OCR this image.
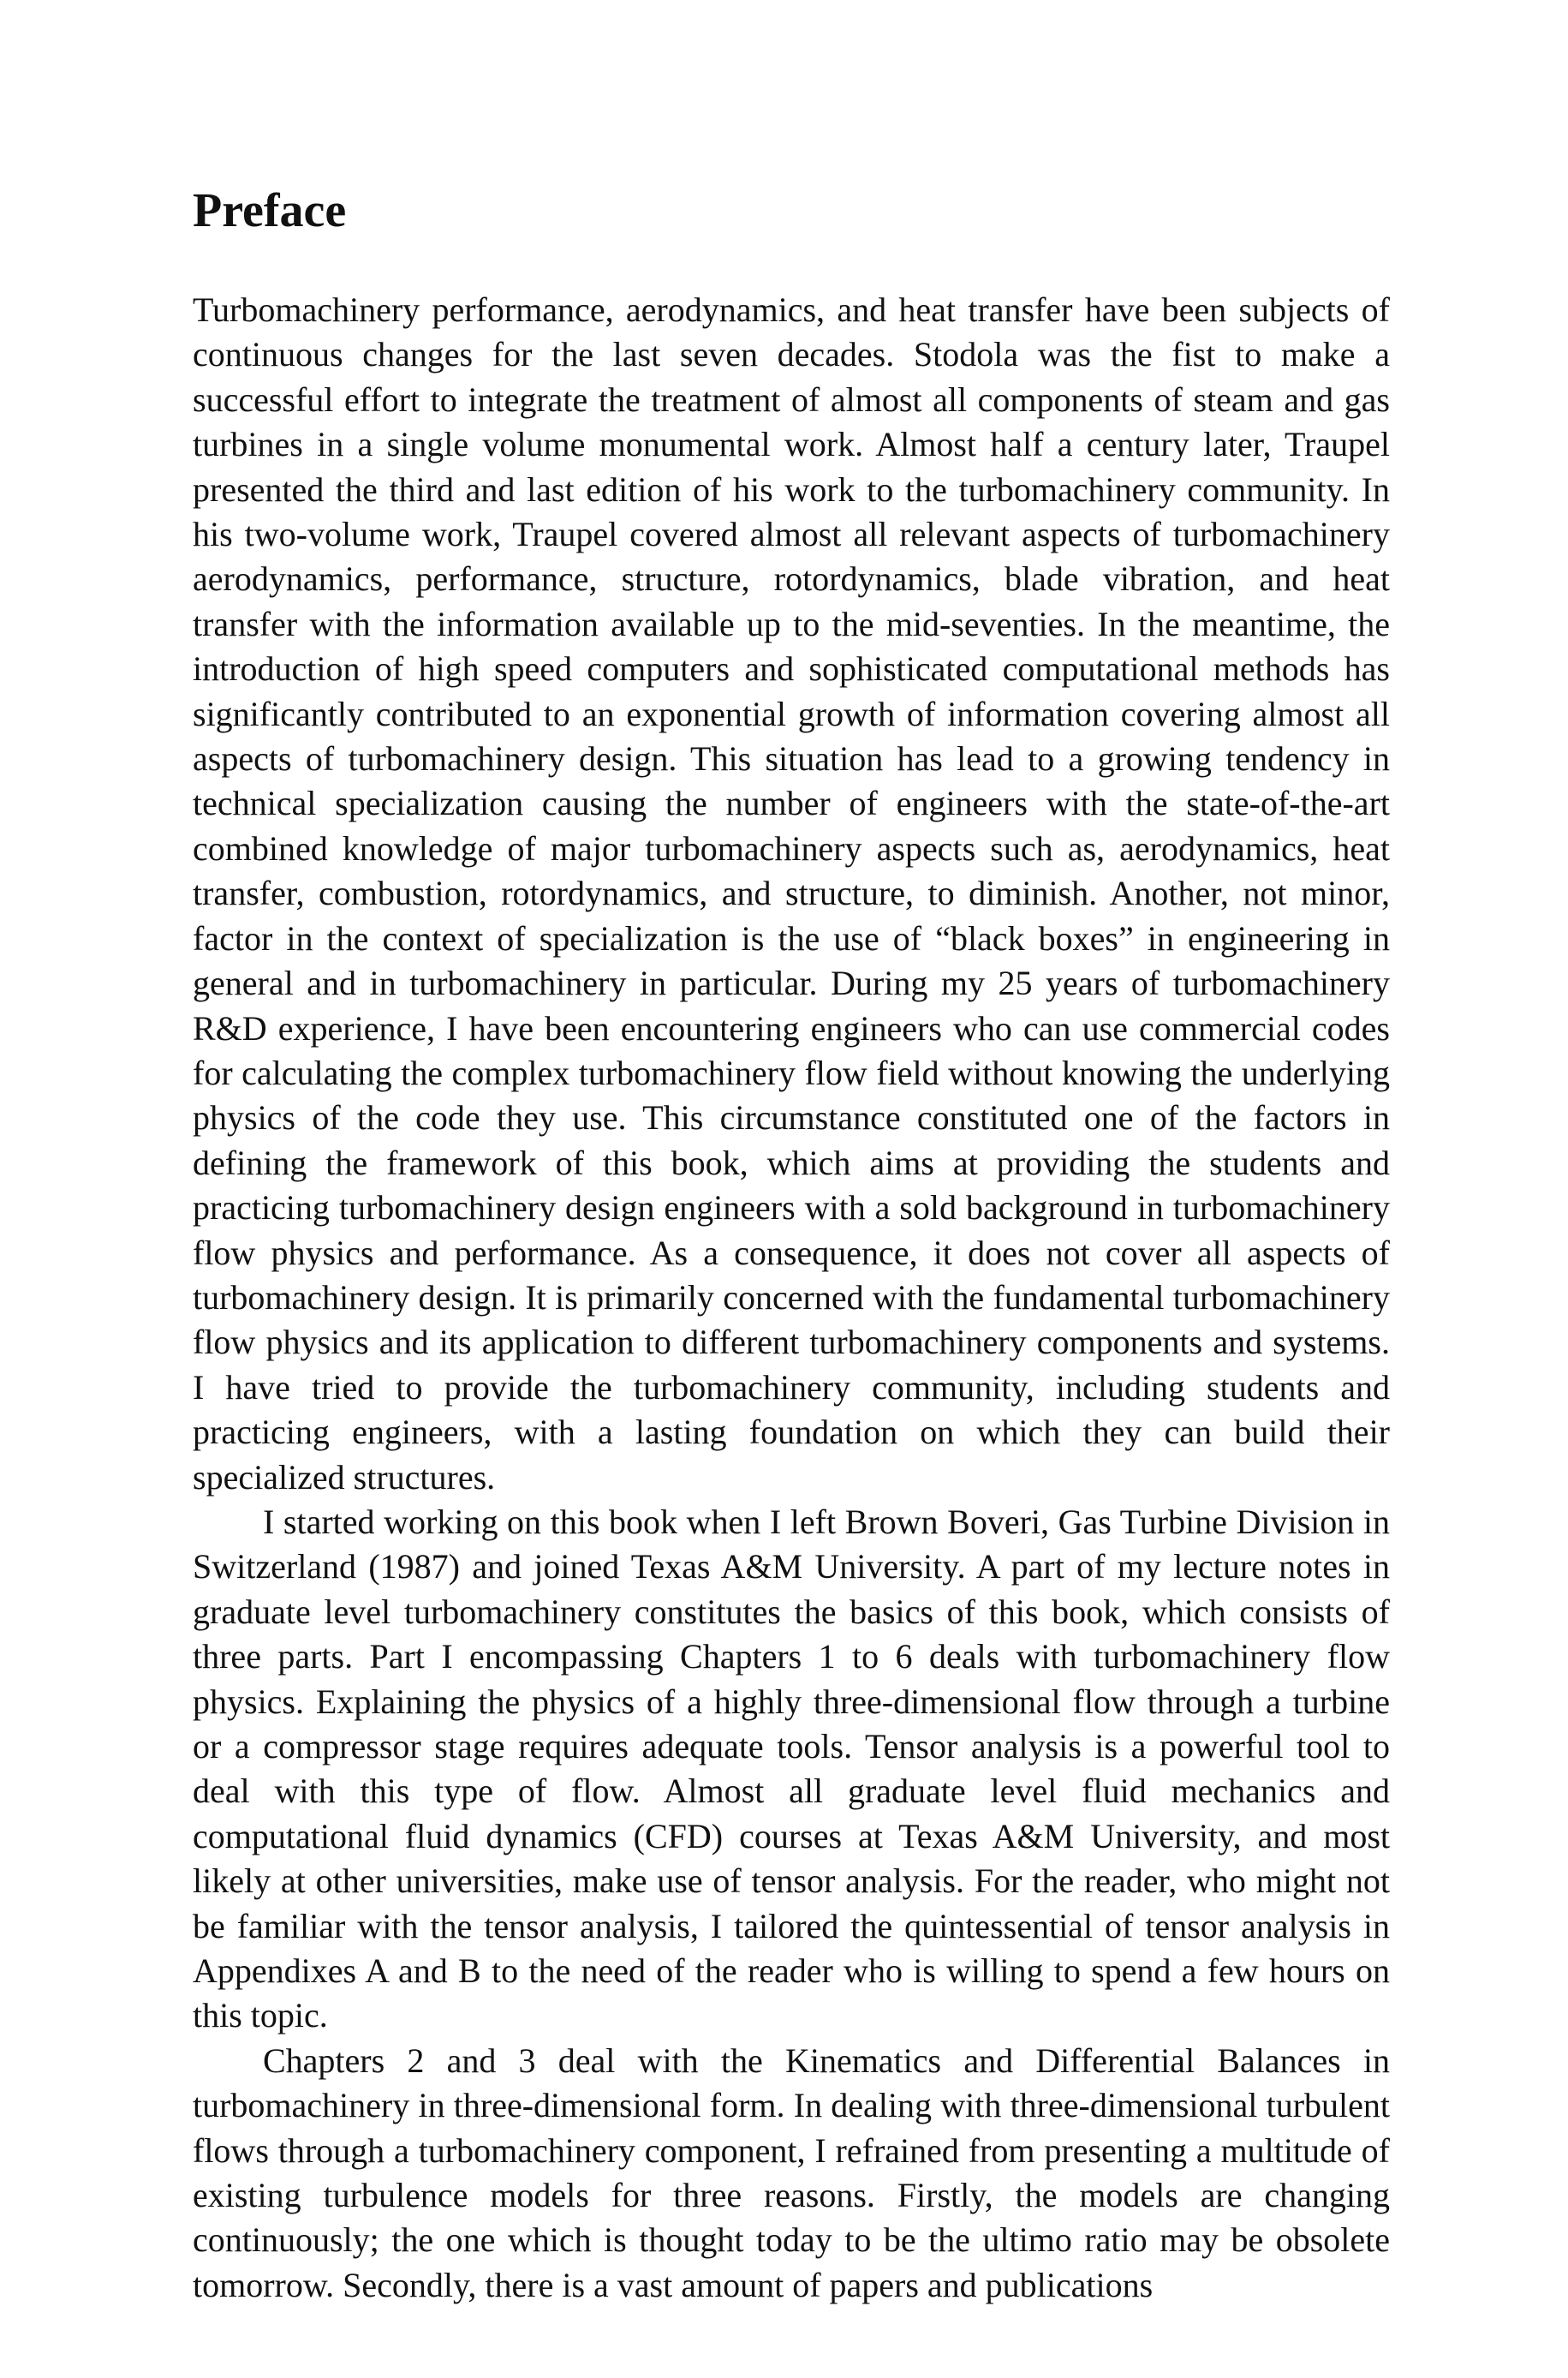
Preface

Turbomachinery performance, aerodynamics, and heat transfer have been subjects of continuous changes for the last seven decades. Stodola was the fist to make a successful effort to integrate the treatment of almost all components of steam and gas turbines in a single volume monumental work. Almost half a century later, Traupel presented the third and last edition of his work to the turbomachinery community. In his two-volume work, Traupel covered almost all relevant aspects of turbomachinery aerodynamics, performance, structure, rotordynamics, blade vibration, and heat transfer with the information available up to the mid-seventies. In the meantime, the introduction of high speed computers and sophisticated computational methods has significantly contributed to an exponential growth of information covering almost all aspects of turbomachinery design. This situation has lead to a growing tendency in technical specialization causing the number of engineers with the state-of-the-art combined knowledge of major turbomachinery aspects such as, aerodynamics, heat transfer, combustion, rotordynamics, and structure, to diminish. Another, not minor, factor in the context of specialization is the use of “black boxes” in engineering in general and in turbomachinery in particular. During my 25 years of turbomachinery R&D experience, I have been encountering engineers who can use commercial codes for calculating the complex turbomachinery flow field without knowing the underlying physics of the code they use. This circumstance constituted one of the factors in defining the framework of this book, which aims at providing the students and practicing turbomachinery design engineers with a sold background in turbomachinery flow physics and performance. As a consequence, it does not cover all aspects of turbomachinery design. It is primarily concerned with the fundamental turbomachinery flow physics and its application to different turbomachinery components and systems. I have tried to provide the turbomachinery community, including students and practicing engineers, with a lasting foundation on which they can build their specialized structures.

I started working on this book when I left Brown Boveri, Gas Turbine Division in Switzerland (1987) and joined Texas A&M University. A part of my lecture notes in graduate level turbomachinery constitutes the basics of this book, which consists of three parts. Part I encompassing Chapters 1 to 6 deals with turbomachinery flow physics. Explaining the physics of a highly three-dimensional flow through a turbine or a compressor stage requires adequate tools. Tensor analysis is a powerful tool to deal with this type of flow. Almost all graduate level fluid mechanics and computational fluid dynamics (CFD) courses at Texas A&M University, and most likely at other universities, make use of tensor analysis. For the reader, who might not be familiar with the tensor analysis, I tailored the quintessential of tensor analysis in Appendixes A and B to the need of the reader who is willing to spend a few hours on this topic.

Chapters 2 and 3 deal with the Kinematics and Differential Balances in turbomachinery in three-dimensional form. In dealing with three-dimensional turbulent flows through a turbomachinery component, I refrained from presenting a multitude of existing turbulence models for three reasons. Firstly, the models are changing continuously; the one which is thought today to be the ultimo ratio may be obsolete tomorrow. Secondly, there is a vast amount of papers and publications
